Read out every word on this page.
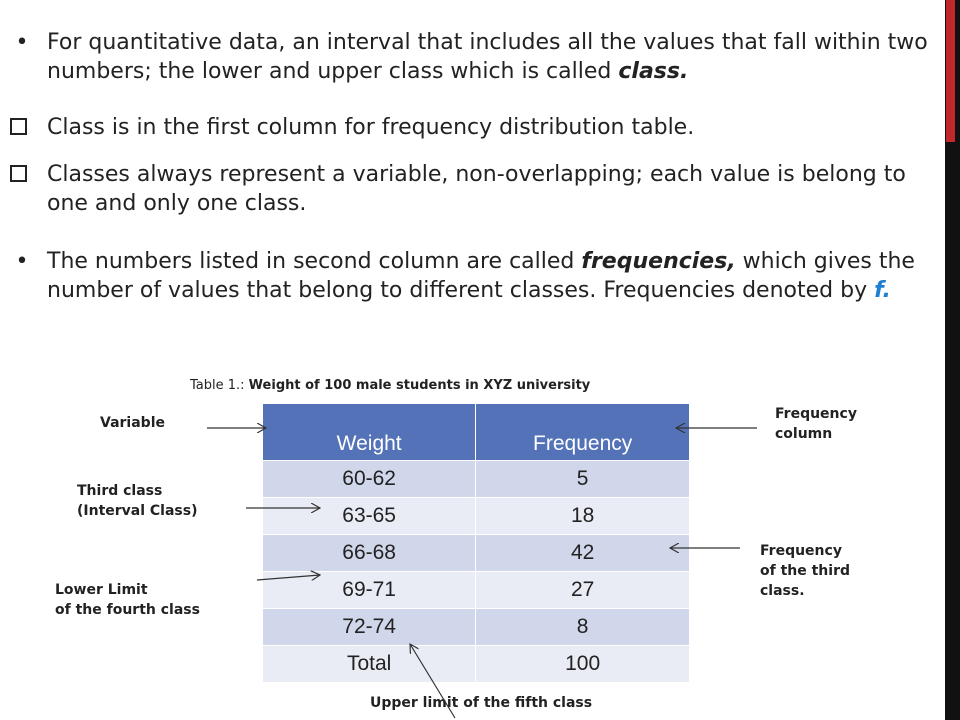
• For quantitative data, an interval that includes all the values that fall within two numbers; the lower and upper class which is called class.
Class is in the first column for frequency distribution table.
Classes always represent a variable, non-overlapping; each value is belong to one and only one class.
• The numbers listed in second column are called frequencies, which gives the number of values that belong to different classes. Frequencies denoted by f.
Table 1.: Weight of 100 male students in XYZ university
Weight	Frequency
60-62	5
63-65	18
66-68	42
69-71	27
72-74	8
Total	100
Variable
Third class
(Interval Class)
Lower Limit
of the fourth class
Frequency
column
Frequency
of the third
class.
Upper limit of the fifth class
